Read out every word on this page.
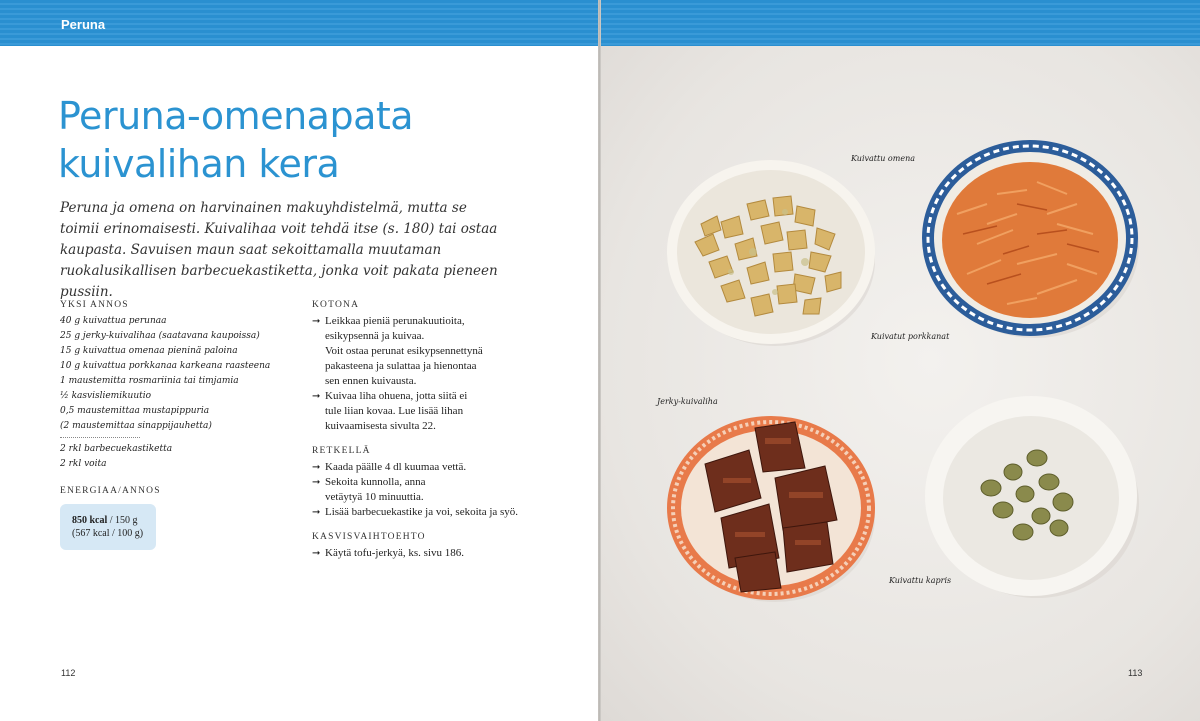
Peruna
Peruna-omenapata
kuivalihan kera

Peruna ja omena on harvinainen makuyhdistelmä, mutta se toimii erinomaisesti. Kuivalihaa voit tehdä itse (s. 180) tai ostaa kaupasta. Savuisen maun saat sekoittamalla muutaman ruokalusikallisen barbecuekastiketta, jonka voit pakata pieneen pussiin.

YKSI ANNOS
40 g kuivattua perunaa
25 g jerky-kuivalihaa (saatavana kaupoissa)
15 g kuivattua omenaa pieninä paloina
10 g kuivattua porkkanaa karkeana raasteena
1 maustemitta rosmariinia tai timjamia
½ kasvisliemikuutio
0,5 maustemittaa mustapippuria
(2 maustemittaa sinappijauhetta)
2 rkl barbecuekastiketta
2 rkl voita
ENERGIAA/ANNOS
850 kcal / 150 g
(567 kcal / 100 g)
KOTONA
➞ Leikkaa pieniä perunakuutioita,
esikypsennä ja kuivaa.
Voit ostaa perunat esikypsennettynä
pakasteena ja sulattaa ja hienontaa
sen ennen kuivausta.
➞ Kuivaa liha ohuena, jotta siitä ei
tule liian kovaa. Lue lisää lihan
kuivaamisesta sivulta 22.
RETKELLÄ
➞ Kaada päälle 4 dl kuumaa vettä.
➞ Sekoita kunnolla, anna
vetäytyä 10 minuuttia.
➞ Lisää barbecuekastike ja voi, sekoita ja syö.
KASVISVAIHTOEHTO
➞ Käytä tofu-jerkyä, ks. sivu 186.
112
Kuivattu omena
Kuivatut porkkanat
Jerky-kuivaliha
Kuivattu kapris
113
